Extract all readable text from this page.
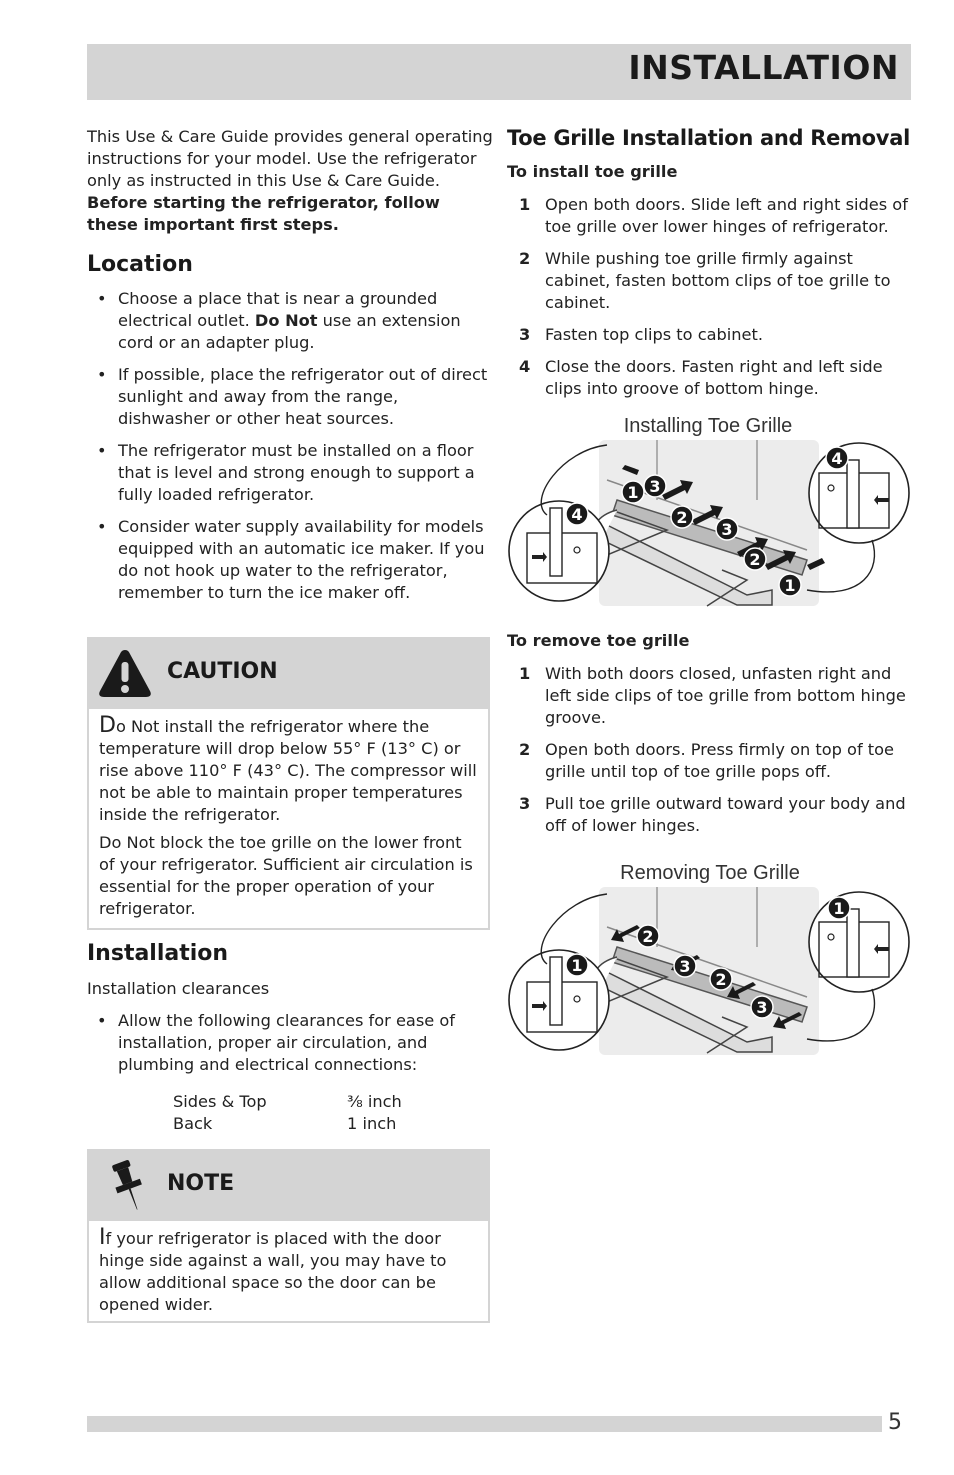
INSTALLATION
This Use & Care Guide provides general operating instructions for your model. Use the refrigerator only as instructed in this Use & Care Guide. Before starting the refrigerator, follow these important first steps.
Location
• Choose a place that is near a grounded electrical outlet. Do Not use an extension cord or an adapter plug.
• If possible, place the refrigerator out of direct sunlight and away from the range, dishwasher or other heat sources.
• The refrigerator must be installed on a floor that is level and strong enough to support a fully loaded refrigerator.
• Consider water supply availability for models equipped with an automatic ice maker. If you do not hook up water to the refrigerator, remember to turn the ice maker off.
CAUTION
Do Not install the refrigerator where the temperature will drop below 55° F (13° C) or rise above 110° F (43° C). The compressor will not be able to maintain proper temperatures inside the refrigerator.
Do Not block the toe grille on the lower front of your refrigerator. Sufficient air circulation is essential for the proper operation of your refrigerator.
Installation
Installation clearances
• Allow the following clearances for ease of installation, proper air circulation, and plumbing and electrical connections:
Sides & Top	⅜ inch
Back	1 inch
NOTE
If your refrigerator is placed with the door hinge side against a wall, you may have to allow additional space so the door can be opened wider.
Toe Grille Installation and Removal
To install toe grille
1 Open both doors. Slide left and right sides of toe grille over lower hinges of refrigerator.
2 While pushing toe grille firmly against cabinet, fasten bottom clips of toe grille to cabinet.
3 Fasten top clips to cabinet.
4 Close the doors. Fasten right and left side clips into groove of bottom hinge.
Installing Toe Grille
1 3
2
3
2
1
4
4
To remove toe grille
1 With both doors closed, unfasten right and left side clips of toe grille from bottom hinge groove.
2 Open both doors. Press firmly on top of toe grille until top of toe grille pops off.
3 Pull toe grille outward toward your body and off of lower hinges.
Removing Toe Grille
2
3
2
3
1
1
5
